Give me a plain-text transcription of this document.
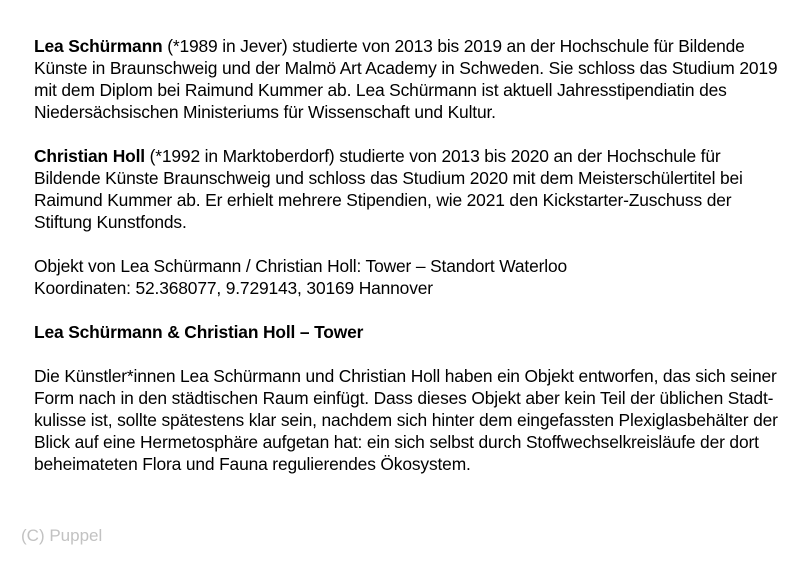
Lea Schürmann (*1989 in Jever) studierte von 2013 bis 2019 an der Hochschule für Bildende Künste in Braunschweig und der Malmö Art Academy in Schweden. Sie schloss das Studium 2019 mit dem Diplom bei Raimund Kummer ab. Lea Schürmann ist aktuell Jahresstipendiatin des Niedersächsischen Ministeriums für Wissenschaft und Kultur.

Christian Holl (*1992 in Marktoberdorf) studierte von 2013 bis 2020 an der Hochschule für Bildende Künste Braunschweig und schloss das Studium 2020 mit dem Meisterschülertitel bei Raimund Kummer ab. Er erhielt mehrere Stipendien, wie 2021 den Kickstarter-Zuschuss der Stiftung Kunstfonds.

Objekt von Lea Schürmann / Christian Holl: Tower – Standort Waterloo
Koordinaten: 52.368077, 9.729143, 30169 Hannover

Lea Schürmann & Christian Holl – Tower

Die Künstler*innen Lea Schürmann und Christian Holl haben ein Objekt entworfen, das sich seiner Form nach in den städtischen Raum einfügt. Dass dieses Objekt aber kein Teil der üblichen Stadt- kulisse ist, sollte spätestens klar sein, nachdem sich hinter dem eingefassten Plexiglasbehälter der Blick auf eine Hermetosphäre aufgetan hat: ein sich selbst durch Stoffwechselkreisläufe der dort beheimateten Flora und Fauna regulierendes Ökosystem.

(C) Puppel
